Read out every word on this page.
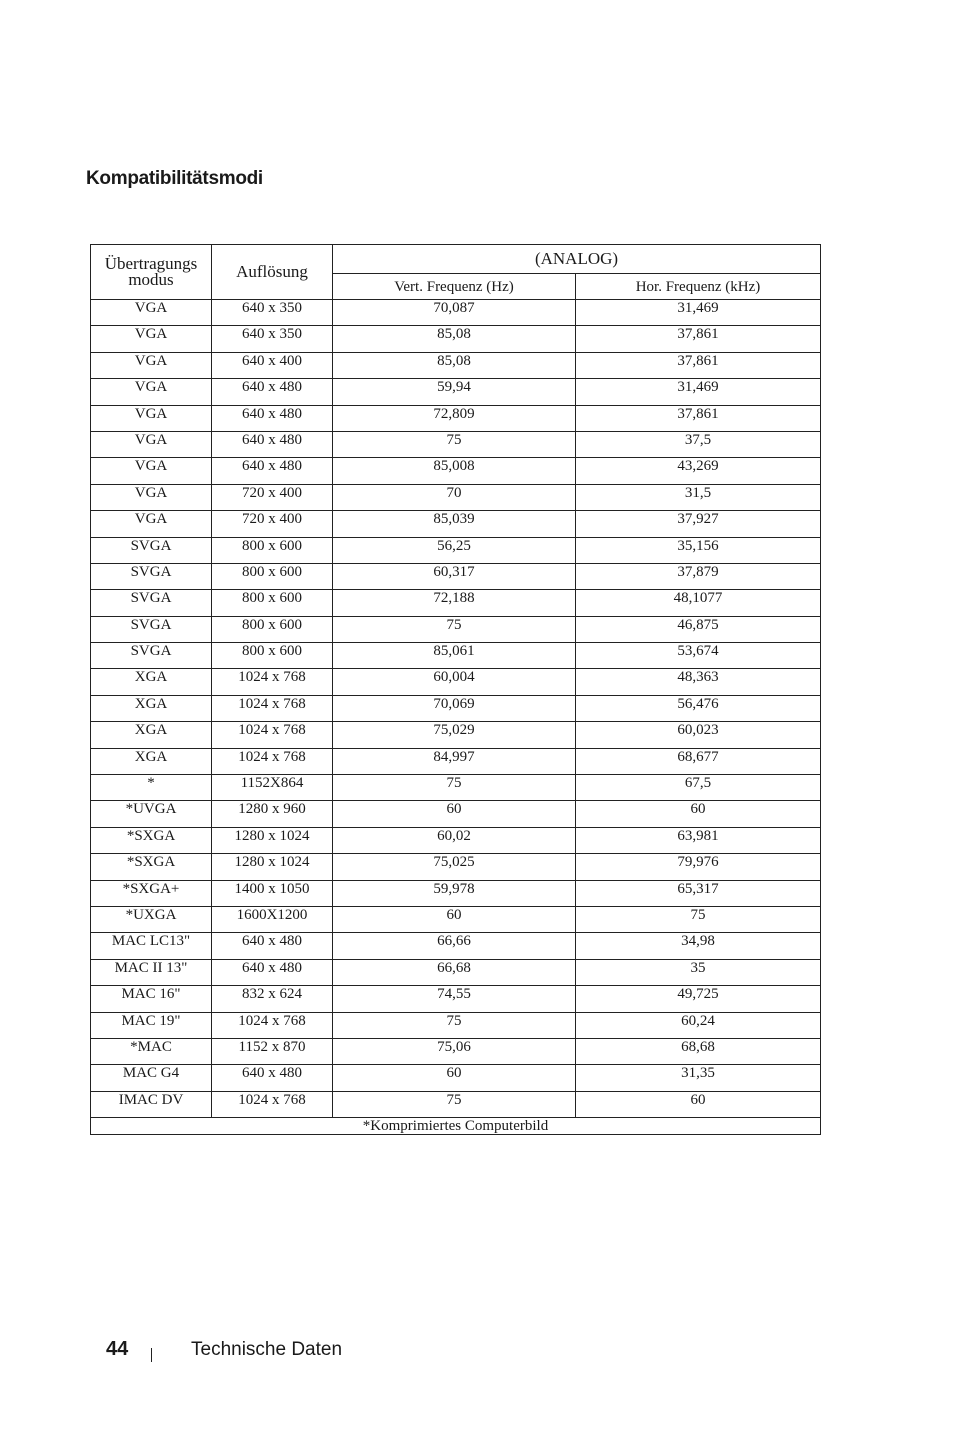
Kompatibilitätsmodi
Übertragungs
modus	Auflösung	(ANALOG)	
		Vert. Frequenz (Hz)	Hor. Frequenz (kHz)
VGA	640 x 350	70,087	31,469
VGA	640 x 350	85,08	37,861
VGA	640 x 400	85,08	37,861
VGA	640 x 480	59,94	31,469
VGA	640 x 480	72,809	37,861
VGA	640 x 480	75	37,5
VGA	640 x 480	85,008	43,269
VGA	720 x 400	70	31,5
VGA	720 x 400	85,039	37,927
SVGA	800 x 600	56,25	35,156
SVGA	800 x 600	60,317	37,879
SVGA	800 x 600	72,188	48,1077
SVGA	800 x 600	75	46,875
SVGA	800 x 600	85,061	53,674
XGA	1024 x 768	60,004	48,363
XGA	1024 x 768	70,069	56,476
XGA	1024 x 768	75,029	60,023
XGA	1024 x 768	84,997	68,677
*	1152X864	75	67,5
*UVGA	1280 x 960	60	60
*SXGA	1280 x 1024	60,02	63,981
*SXGA	1280 x 1024	75,025	79,976
*SXGA+	1400 x 1050	59,978	65,317
*UXGA	1600X1200	60	75
MAC LC13"	640 x 480	66,66	34,98
MAC II 13"	640 x 480	66,68	35
MAC 16"	832 x 624	74,55	49,725
MAC 19"	1024 x 768	75	60,24
*MAC	1152 x 870	75,06	68,68
MAC G4	640 x 480	60	31,35
IMAC DV	1024 x 768	75	60
*Komprimiertes Computerbild			
44	Technische Daten
